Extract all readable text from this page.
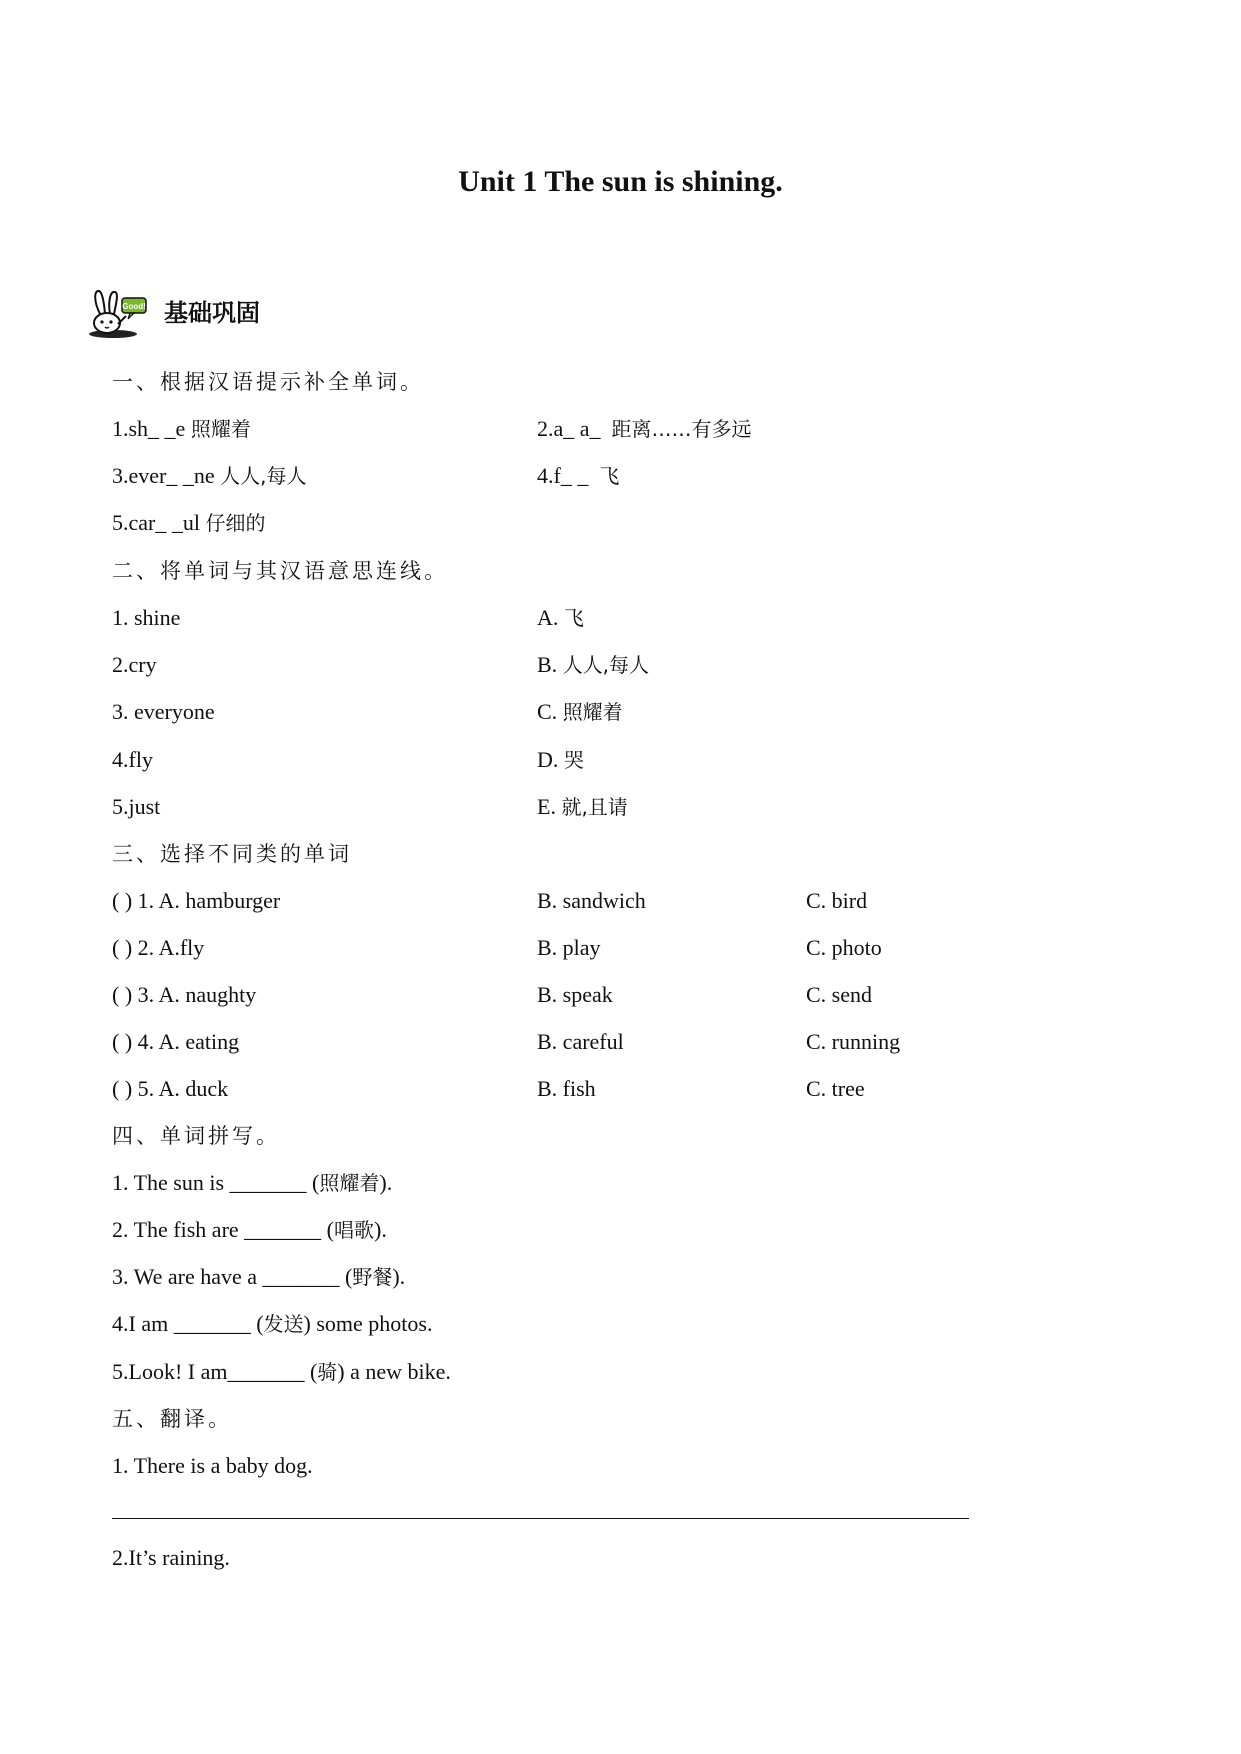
Unit 1 The sun is shining.
Good! 基础巩固
一、根据汉语提示补全单词。
1.sh_ _e 照耀着	2.a_ a_ 距离……有多远
3.ever_ _ne 人人,每人	4.f_ _ 飞
5.car_ _ul 仔细的
二、将单词与其汉语意思连线。
1. shine	A. 飞
2.cry	B. 人人,每人
3. everyone	C. 照耀着
4.fly	D. 哭
5.just	E. 就,且请
三、选择不同类的单词
( ) 1. A. hamburger	B. sandwich	C. bird
( ) 2. A.fly	B. play	C. photo
( ) 3. A. naughty	B. speak	C. send
( ) 4. A. eating	B. careful	C. running
( ) 5. A. duck	B. fish	C. tree
四、单词拼写。
1. The sun is _______ (照耀着).
2. The fish are _______ (唱歌).
3. We are have a _______ (野餐).
4.I am _______ (发送) some photos.
5.Look! I am_______ (骑) a new bike.
五、翻译。
1. There is a baby dog.
2.It’s raining.
